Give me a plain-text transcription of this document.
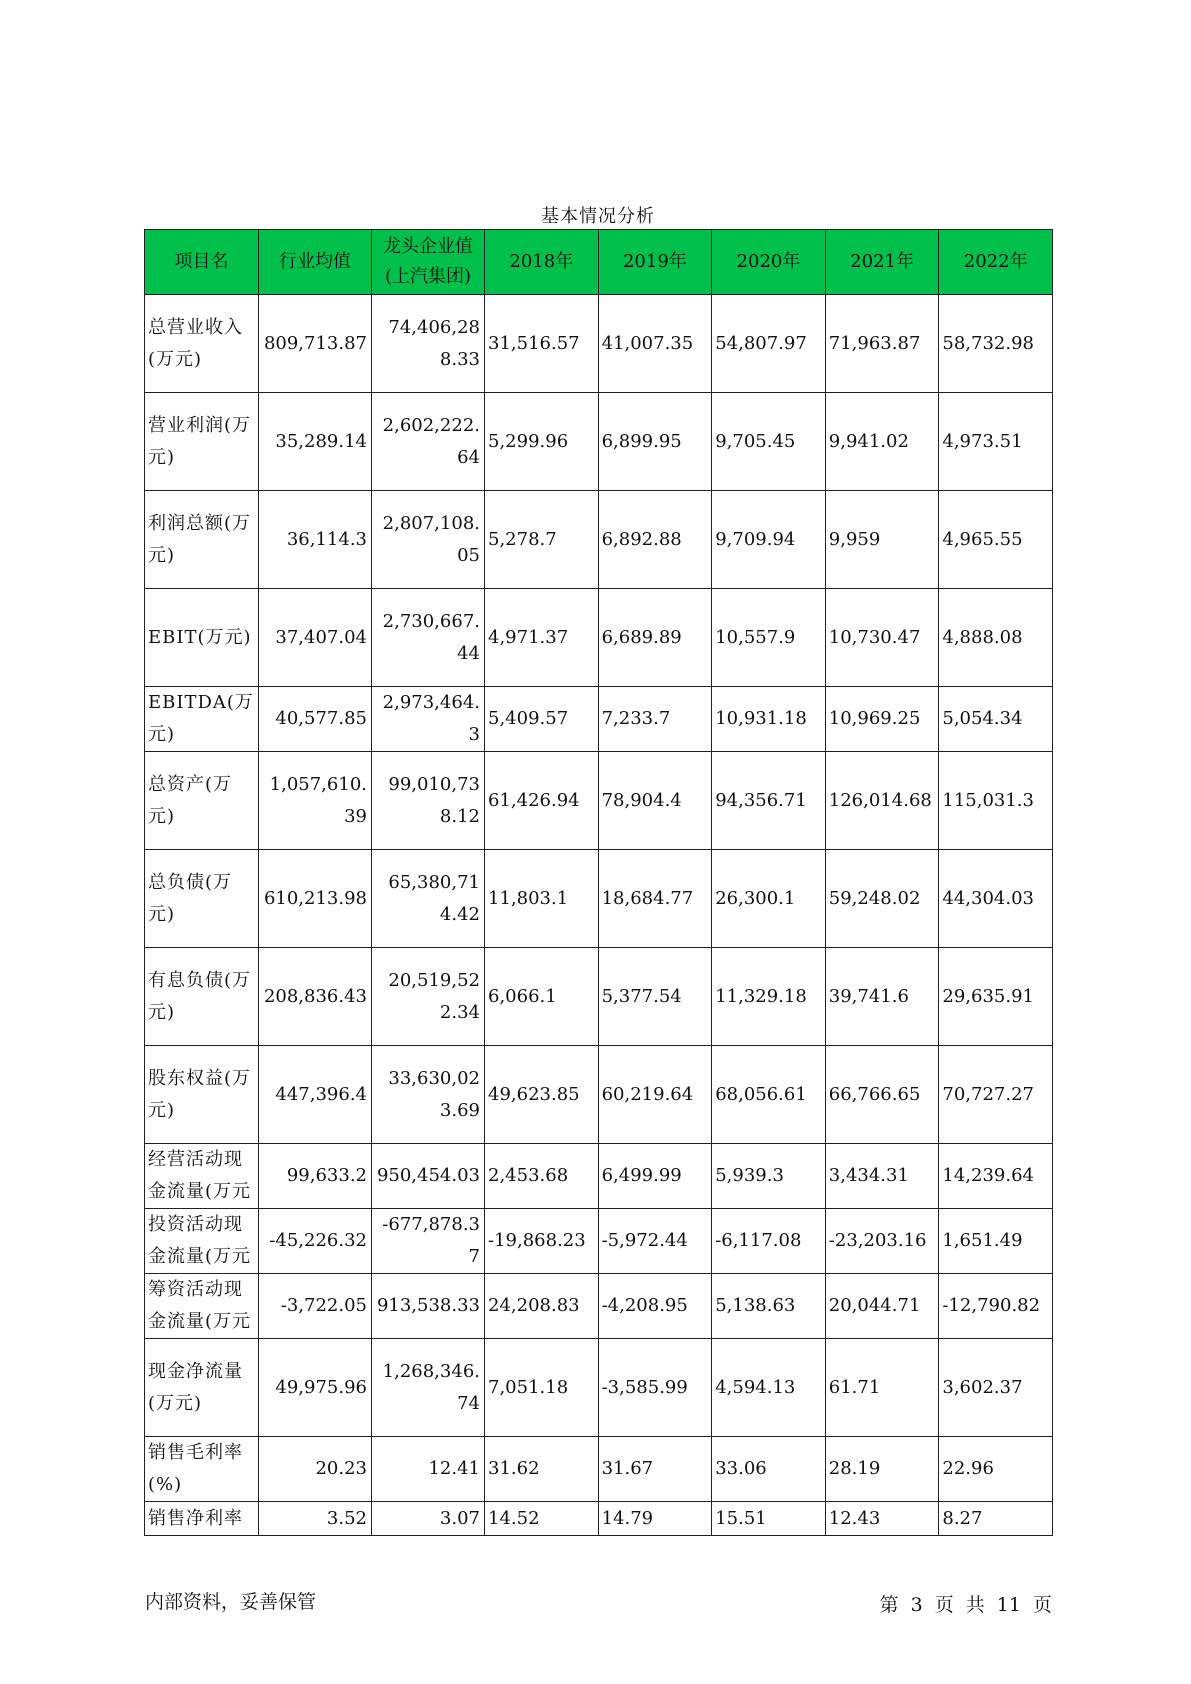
基本情况分析
项目名	行业均值	龙头企业值(上汽集团)	2018年	2019年	2020年	2021年	2022年
总营业收入(万元)	809,713.87	74,406,288.33	31,516.57	41,007.35	54,807.97	71,963.87	58,732.98
营业利润(万元)	35,289.14	2,602,222.64	5,299.96	6,899.95	9,705.45	9,941.02	4,973.51
利润总额(万元)	36,114.3	2,807,108.05	5,278.7	6,892.88	9,709.94	9,959	4,965.55
EBIT(万元)	37,407.04	2,730,667.44	4,971.37	6,689.89	10,557.9	10,730.47	4,888.08
EBITDA(万元)	40,577.85	2,973,464.3	5,409.57	7,233.7	10,931.18	10,969.25	5,054.34
总资产(万元)	1,057,610.39	99,010,738.12	61,426.94	78,904.4	94,356.71	126,014.68	115,031.3
总负债(万元)	610,213.98	65,380,714.42	11,803.1	18,684.77	26,300.1	59,248.02	44,304.03
有息负债(万元)	208,836.43	20,519,522.34	6,066.1	5,377.54	11,329.18	39,741.6	29,635.91
股东权益(万元)	447,396.4	33,630,023.69	49,623.85	60,219.64	68,056.61	66,766.65	70,727.27
经营活动现金流量(万元	99,633.2	950,454.03	2,453.68	6,499.99	5,939.3	3,434.31	14,239.64
投资活动现金流量(万元	-45,226.32	-677,878.37	-19,868.23	-5,972.44	-6,117.08	-23,203.16	1,651.49
筹资活动现金流量(万元	-3,722.05	913,538.33	24,208.83	-4,208.95	5,138.63	20,044.71	-12,790.82
现金净流量(万元)	49,975.96	1,268,346.74	7,051.18	-3,585.99	4,594.13	61.71	3,602.37
销售毛利率(%)	20.23	12.41	31.62	31.67	33.06	28.19	22.96
销售净利率	3.52	3.07	14.52	14.79	15.51	12.43	8.27
内部资料，妥善保管	第 3 页 共 11 页
